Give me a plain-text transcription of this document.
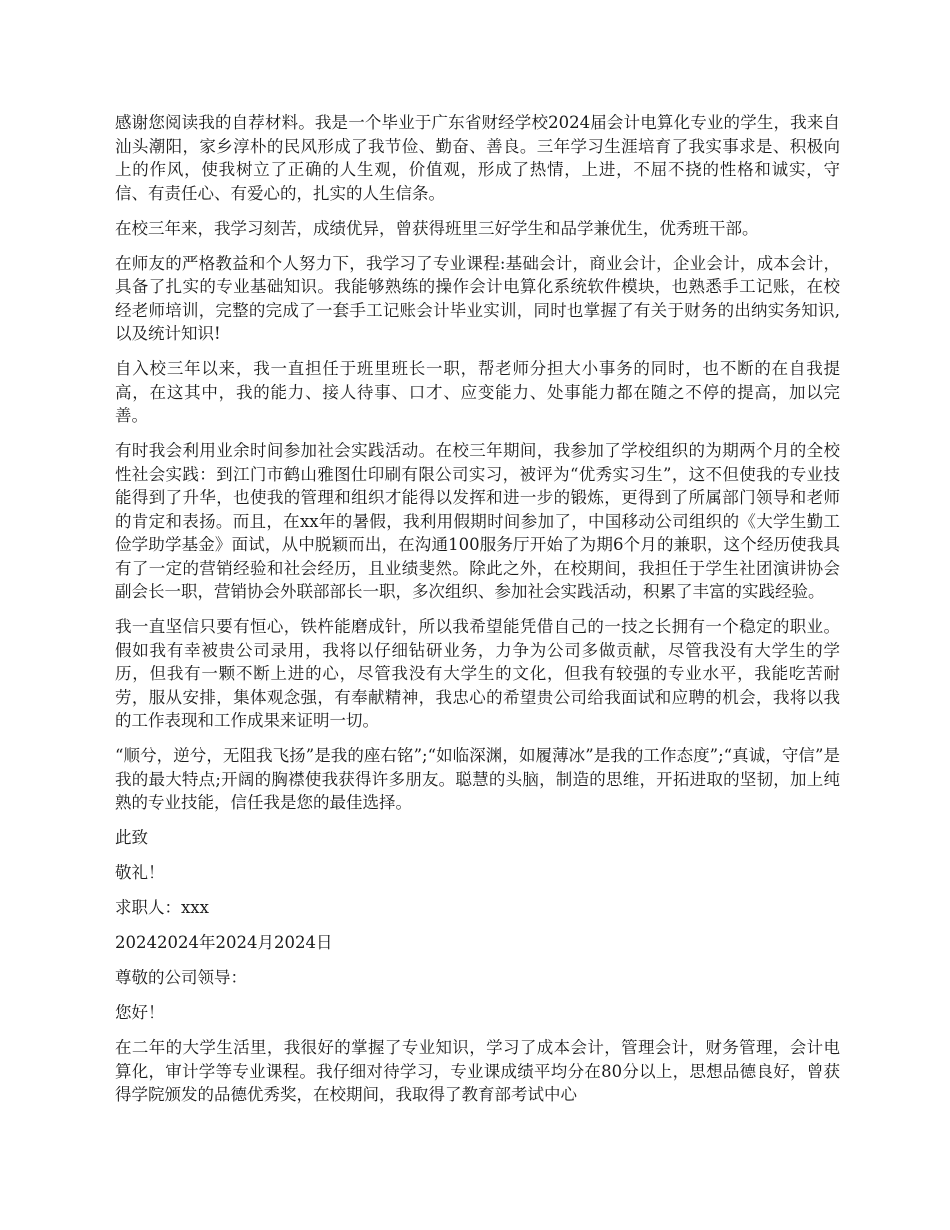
感谢您阅读我的自荐材料。我是一个毕业于广东省财经学校2024届会计电算化专业的学生，我来自汕头潮阳，家乡淳朴的民风形成了我节俭、勤奋、善良。三年学习生涯培育了我实事求是、积极向上的作风，使我树立了正确的人生观，价值观，形成了热情，上进，不屈不挠的性格和诚实，守信、有责任心、有爱心的，扎实的人生信条。

在校三年来，我学习刻苦，成绩优异，曾获得班里三好学生和品学兼优生，优秀班干部。

在师友的严格教益和个人努力下，我学习了专业课程:基础会计，商业会计，企业会计，成本会计，具备了扎实的专业基础知识。我能够熟练的操作会计电算化系统软件模块，也熟悉手工记账，在校经老师培训，完整的完成了一套手工记账会计毕业实训，同时也掌握了有关于财务的出纳实务知识,以及统计知识!

自入校三年以来，我一直担任于班里班长一职，帮老师分担大小事务的同时，也不断的在自我提高，在这其中，我的能力、接人待事、口才、应变能力、处事能力都在随之不停的提高，加以完善。

有时我会利用业余时间参加社会实践活动。在校三年期间，我参加了学校组织的为期两个月的全校性社会实践：到江门市鹤山雅图仕印刷有限公司实习，被评为“优秀实习生”，这不但使我的专业技能得到了升华，也使我的管理和组织才能得以发挥和进一步的锻炼，更得到了所属部门领导和老师的肯定和表扬。而且，在xx年的暑假，我利用假期时间参加了，中国移动公司组织的《大学生勤工俭学助学基金》面试，从中脱颖而出，在沟通100服务厅开始了为期6个月的兼职，这个经历使我具有了一定的营销经验和社会经历，且业绩斐然。除此之外，在校期间，我担任于学生社团演讲协会副会长一职，营销协会外联部部长一职，多次组织、参加社会实践活动，积累了丰富的实践经验。

我一直坚信只要有恒心，铁杵能磨成针，所以我希望能凭借自己的一技之长拥有一个稳定的职业。假如我有幸被贵公司录用，我将以仔细钻研业务，力争为公司多做贡献，尽管我没有大学生的学历，但我有一颗不断上进的心，尽管我没有大学生的文化，但我有较强的专业水平，我能吃苦耐劳，服从安排，集体观念强，有奉献精神，我忠心的希望贵公司给我面试和应聘的机会，我将以我的工作表现和工作成果来证明一切。

“顺兮，逆兮，无阻我飞扬”是我的座右铭”;“如临深渊，如履薄冰”是我的工作态度”;“真诚，守信”是我的最大特点;开阔的胸襟使我获得许多朋友。聪慧的头脑，制造的思维，开拓进取的坚韧，加上纯熟的专业技能，信任我是您的最佳选择。

此致

敬礼！

求职人：xxx

20242024年2024月2024日

尊敬的公司领导：

您好！

在二年的大学生活里，我很好的掌握了专业知识，学习了成本会计，管理会计，财务管理，会计电算化，审计学等专业课程。我仔细对待学习，专业课成绩平均分在80分以上，思想品德良好，曾获得学院颁发的品德优秀奖，在校期间，我取得了教育部考试中心
